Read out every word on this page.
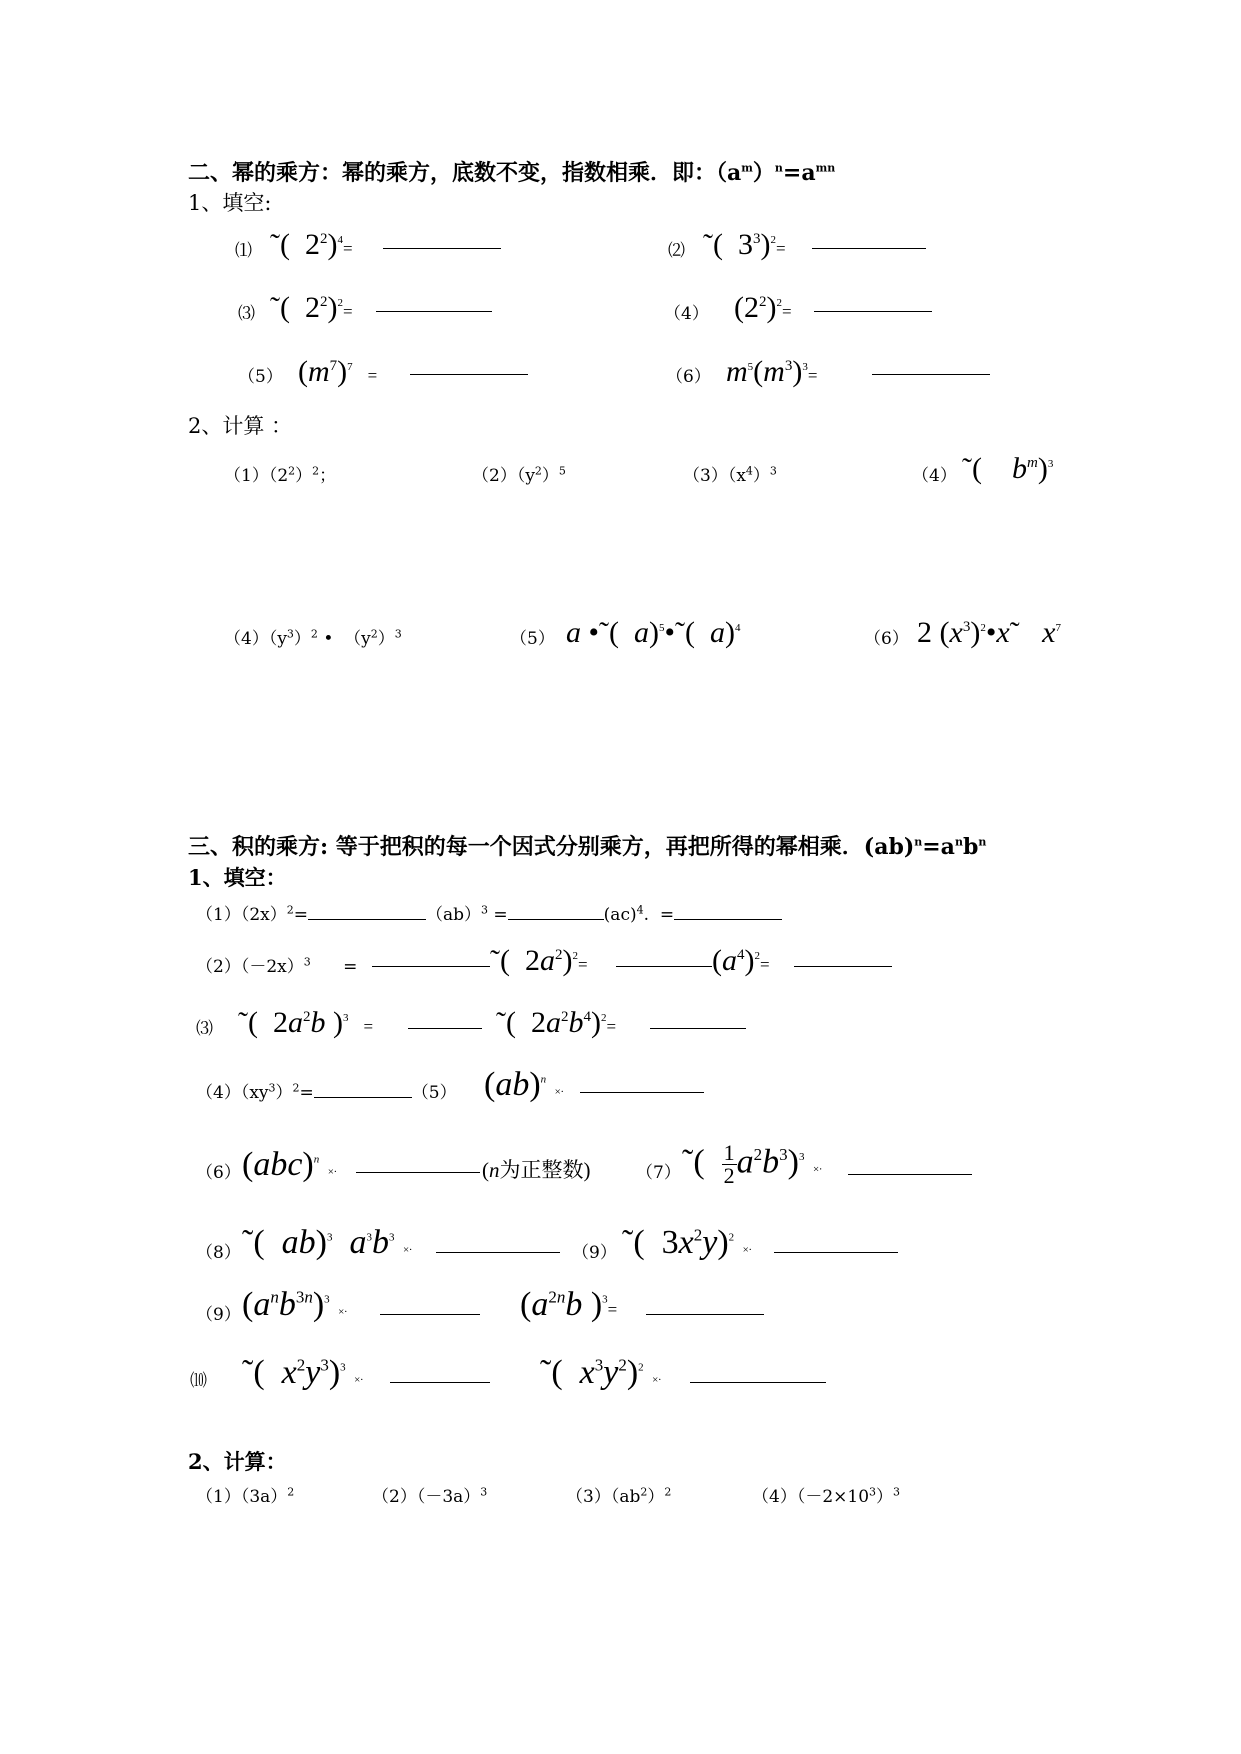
二、幂的乘方：幂的乘方，底数不变，指数相乘．即：$(a^m)^n=a^{mn}$
1、填空:
⑴ ˜(  $2^2)^4=$	⑵ ˜(  $3^3)^2=$
⑶ ˜(  $2^2)^2=$	（4） $(2^2)^2=$
（5） $(m^7)^7$ =	（6） $m^5(m^3)^3=$
2、计算 ：
$(1)(2^2)^2$；	$(2)(y^2)^5$	$(3)(x^4)^3$	（4） ˜(    $b^m)^3$
$(4)(y^3)^2$ • $(y^2)^3$	（5） a •˜(  a)$^5$•˜(  a)$^4$
（6） 2 $(x^3)^2•x˜$   $x^7$
三、积的乘方: 等于把积的每一个因式分别乘方，再把所得的幂相乘．$(ab)^n=a^nb^n$
1、填空：
$(1)(2x)^2=$	（ab）$^3$ =	(ac)$^4$. =
$(2)(-2x)^3$ =	˜(  $2a^2)^2=$	$(a^4)^2=$
⑶ ˜(  $2a^2b$ )$^3$ =	˜(  $2a^2b^4)^2=$
$(4)(xy^3)^2=$	（5） (ab)$^n$ ×∙
（6） (abc)$^n$ ×∙	(n为正整数)	（7） ˜( $\frac{1}{2} a^2b^3)^3$ ×∙
（8） ˜(  ab)$^3$ $a^3b^3$ ×∙	（9） ˜(  $3x^2y)^2$ ×∙
（9） $(a^nb^{3n})^3$ ×∙	($a^{2n}b$ )$^3$=
⑽ ˜(  $x^2y^3)^3$ ×∙	˜(  $x^3y^2)^2$ ×∙
2、计算：
$(1)(3a)^2$	$(2)(-3a)^3$	$(3)(ab^2)^2$	$(4)(-2\times 10^3)^3$
